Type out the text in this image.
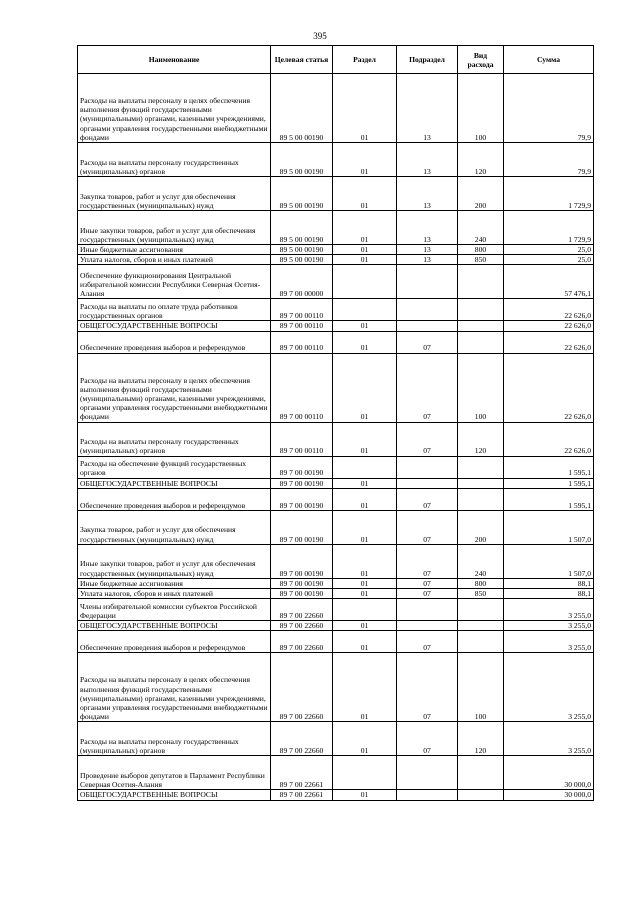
395
Наименование	Целевая статья	Раздел	Подраздел	Вид расхода	Сумма
Расходы на выплаты персоналу в целях обеспечения выполнения функций государственными (муниципальными) органами, казенными учреждениями, органами управления государственными внебюджетными фондами	89 5 00 00190	01	13	100	79,9
Расходы на выплаты персоналу государственных (муниципальных) органов	89 5 00 00190	01	13	120	79,9
Закупка товаров, работ и услуг для обеспечения государственных (муниципальных) нужд	89 5 00 00190	01	13	200	1 729,9
Иные закупки товаров, работ и услуг для обеспечения государственных (муниципальных) нужд	89 5 00 00190	01	13	240	1 729,9
Иные бюджетные ассигнования	89 5 00 00190	01	13	800	25,0
Уплата налогов, сборов и иных платежей	89 5 00 00190	01	13	850	25,0
Обеспечение функционирования Центральной избирательной комиссии Республики Северная Осетия-Алания	89 7 00 00000				57 476,1
Расходы на выплаты по оплате труда работников государственных органов	89 7 00 00110				22 626,0
ОБЩЕГОСУДАРСТВЕННЫЕ ВОПРОСЫ	89 7 00 00110	01			22 626,0
Обеспечение проведения выборов и референдумов	89 7 00 00110	01	07		22 626,0
Расходы на выплаты персоналу в целях обеспечения выполнения функций государственными (муниципальными) органами, казенными учреждениями, органами управления государственными внебюджетными фондами	89 7 00 00110	01	07	100	22 626,0
Расходы на выплаты персоналу государственных (муниципальных) органов	89 7 00 00110	01	07	120	22 626,0
Расходы на обеспечение функций государственных органов	89 7 00 00190				1 595,1
ОБЩЕГОСУДАРСТВЕННЫЕ ВОПРОСЫ	89 7 00 00190	01			1 595,1
Обеспечение проведения выборов и референдумов	89 7 00 00190	01	07		1 595,1
Закупка товаров, работ и услуг для обеспечения государственных (муниципальных) нужд	89 7 00 00190	01	07	200	1 507,0
Иные закупки товаров, работ и услуг для обеспечения государственных (муниципальных) нужд	89 7 00 00190	01	07	240	1 507,0
Иные бюджетные ассигнования	89 7 00 00190	01	07	800	88,1
Уплата налогов, сборов и иных платежей	89 7 00 00190	01	07	850	88,1
Члены избирательной комиссии субъектов Российской Федерации	89 7 00 22660				3 255,0
ОБЩЕГОСУДАРСТВЕННЫЕ ВОПРОСЫ	89 7 00 22660	01			3 255,0
Обеспечение проведения выборов и референдумов	89 7 00 22660	01	07		3 255,0
Расходы на выплаты персоналу в целях обеспечения выполнения функций государственными (муниципальными) органами, казенными учреждениями, органами управления государственными внебюджетными фондами	89 7 00 22660	01	07	100	3 255,0
Расходы на выплаты персоналу государственных (муниципальных) органов	89 7 00 22660	01	07	120	3 255,0
Проведение выборов депутатов в Парламент Республики Северная Осетия-Алания	89 7 00 22661				30 000,0
ОБЩЕГОСУДАРСТВЕННЫЕ ВОПРОСЫ	89 7 00 22661	01			30 000,0
